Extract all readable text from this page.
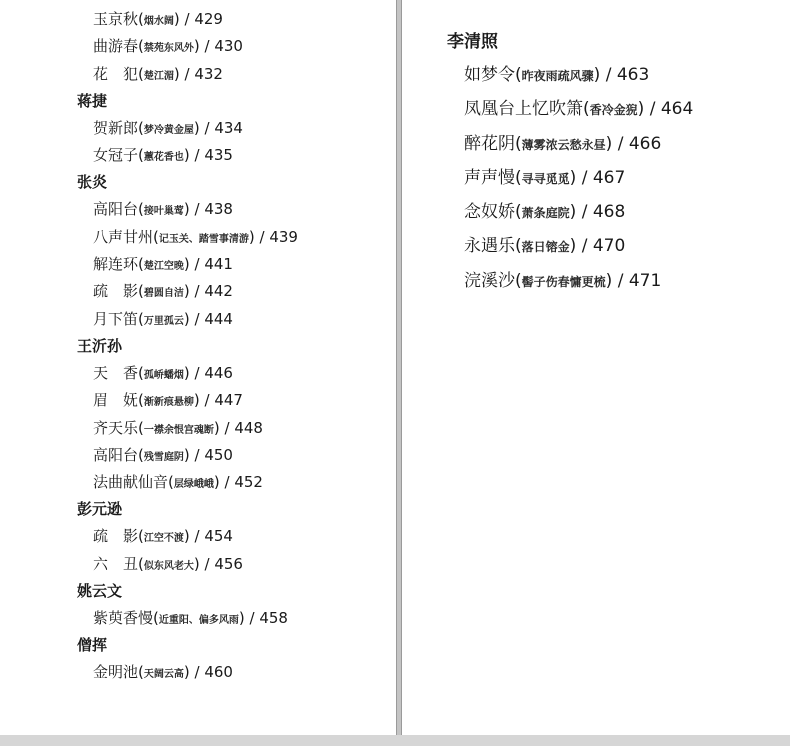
玉京秋(烟水阔) / 429
曲游春(禁苑东风外) / 430
花　犯(楚江湄) / 432
蒋捷
贺新郎(梦冷黄金屋) / 434
女冠子(蕙花香也) / 435
张炎
高阳台(接叶巢莺) / 438
八声甘州(记玉关、踏雪事清游) / 439
解连环(楚江空晚) / 441
疏　影(碧圆自洁) / 442
月下笛(万里孤云) / 444
王沂孙
天　香(孤峤蟠烟) / 446
眉　妩(渐新痕悬柳) / 447
齐天乐(一襟余恨宫魂断) / 448
高阳台(残雪庭阴) / 450
法曲献仙音(层绿峨峨) / 452
彭元逊
疏　影(江空不渡) / 454
六　丑(似东风老大) / 456
姚云文
紫萸香慢(近重阳、偏多风雨) / 458
僧挥
金明池(天阔云高) / 460
李清照
如梦令(昨夜雨疏风骤) / 463
凤凰台上忆吹箫(香冷金猊) / 464
醉花阴(薄雾浓云愁永昼) / 466
声声慢(寻寻觅觅) / 467
念奴娇(萧条庭院) / 468
永遇乐(落日镕金) / 470
浣溪沙(髻子伤春慵更梳) / 471
